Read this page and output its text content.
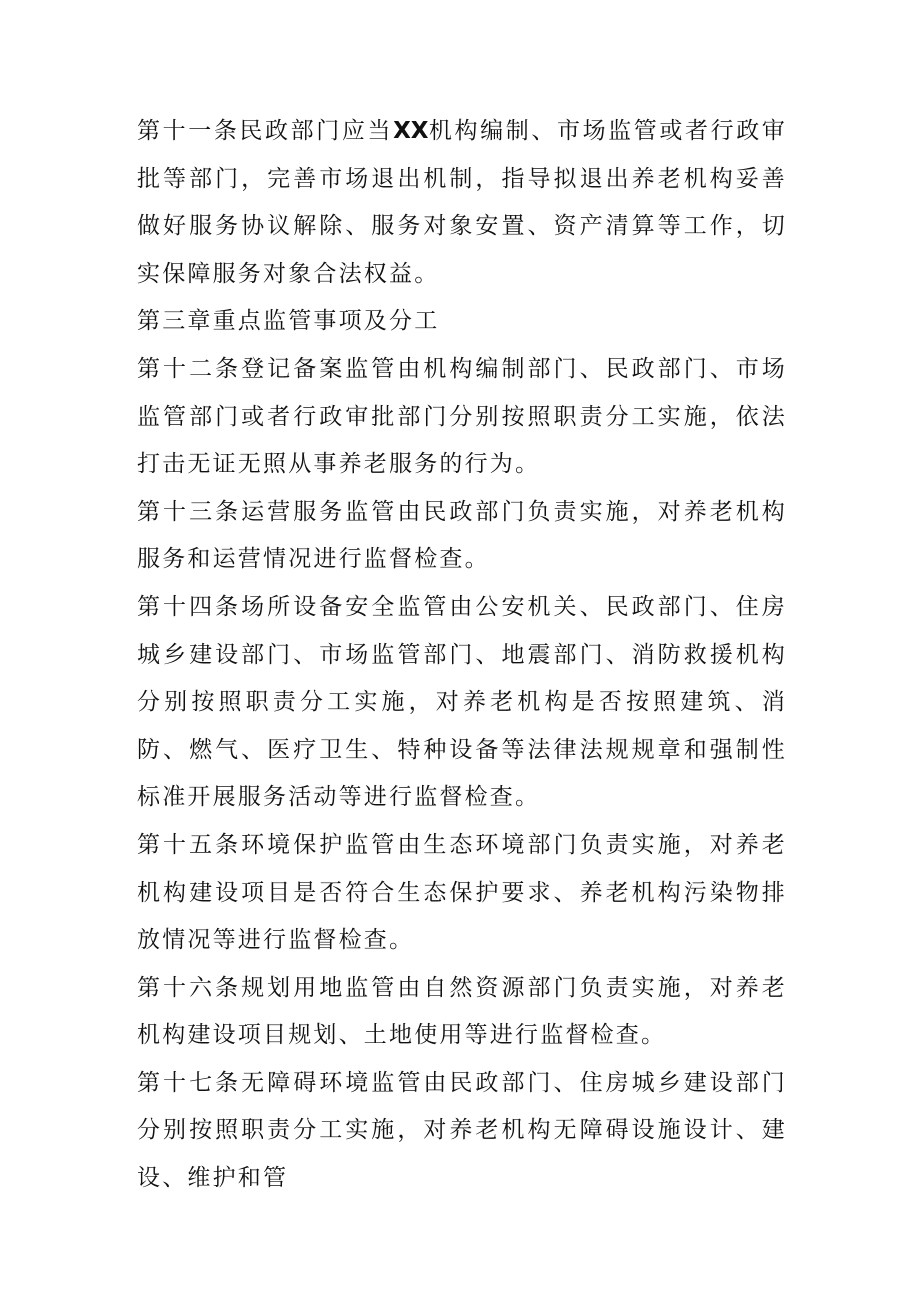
第十一条民政部门应当XX机构编制、市场监管或者行政审批等部门，完善市场退出机制，指导拟退出养老机构妥善做好服务协议解除、服务对象安置、资产清算等工作，切实保障服务对象合法权益。

第三章重点监管事项及分工

第十二条登记备案监管由机构编制部门、民政部门、市场监管部门或者行政审批部门分别按照职责分工实施，依法打击无证无照从事养老服务的行为。

第十三条运营服务监管由民政部门负责实施，对养老机构服务和运营情况进行监督检查。

第十四条场所设备安全监管由公安机关、民政部门、住房城乡建设部门、市场监管部门、地震部门、消防救援机构分别按照职责分工实施，对养老机构是否按照建筑、消防、燃气、医疗卫生、特种设备等法律法规规章和强制性标准开展服务活动等进行监督检查。

第十五条环境保护监管由生态环境部门负责实施，对养老机构建设项目是否符合生态保护要求、养老机构污染物排放情况等进行监督检查。

第十六条规划用地监管由自然资源部门负责实施，对养老机构建设项目规划、土地使用等进行监督检查。

第十七条无障碍环境监管由民政部门、住房城乡建设部门分别按照职责分工实施，对养老机构无障碍设施设计、建设、维护和管
